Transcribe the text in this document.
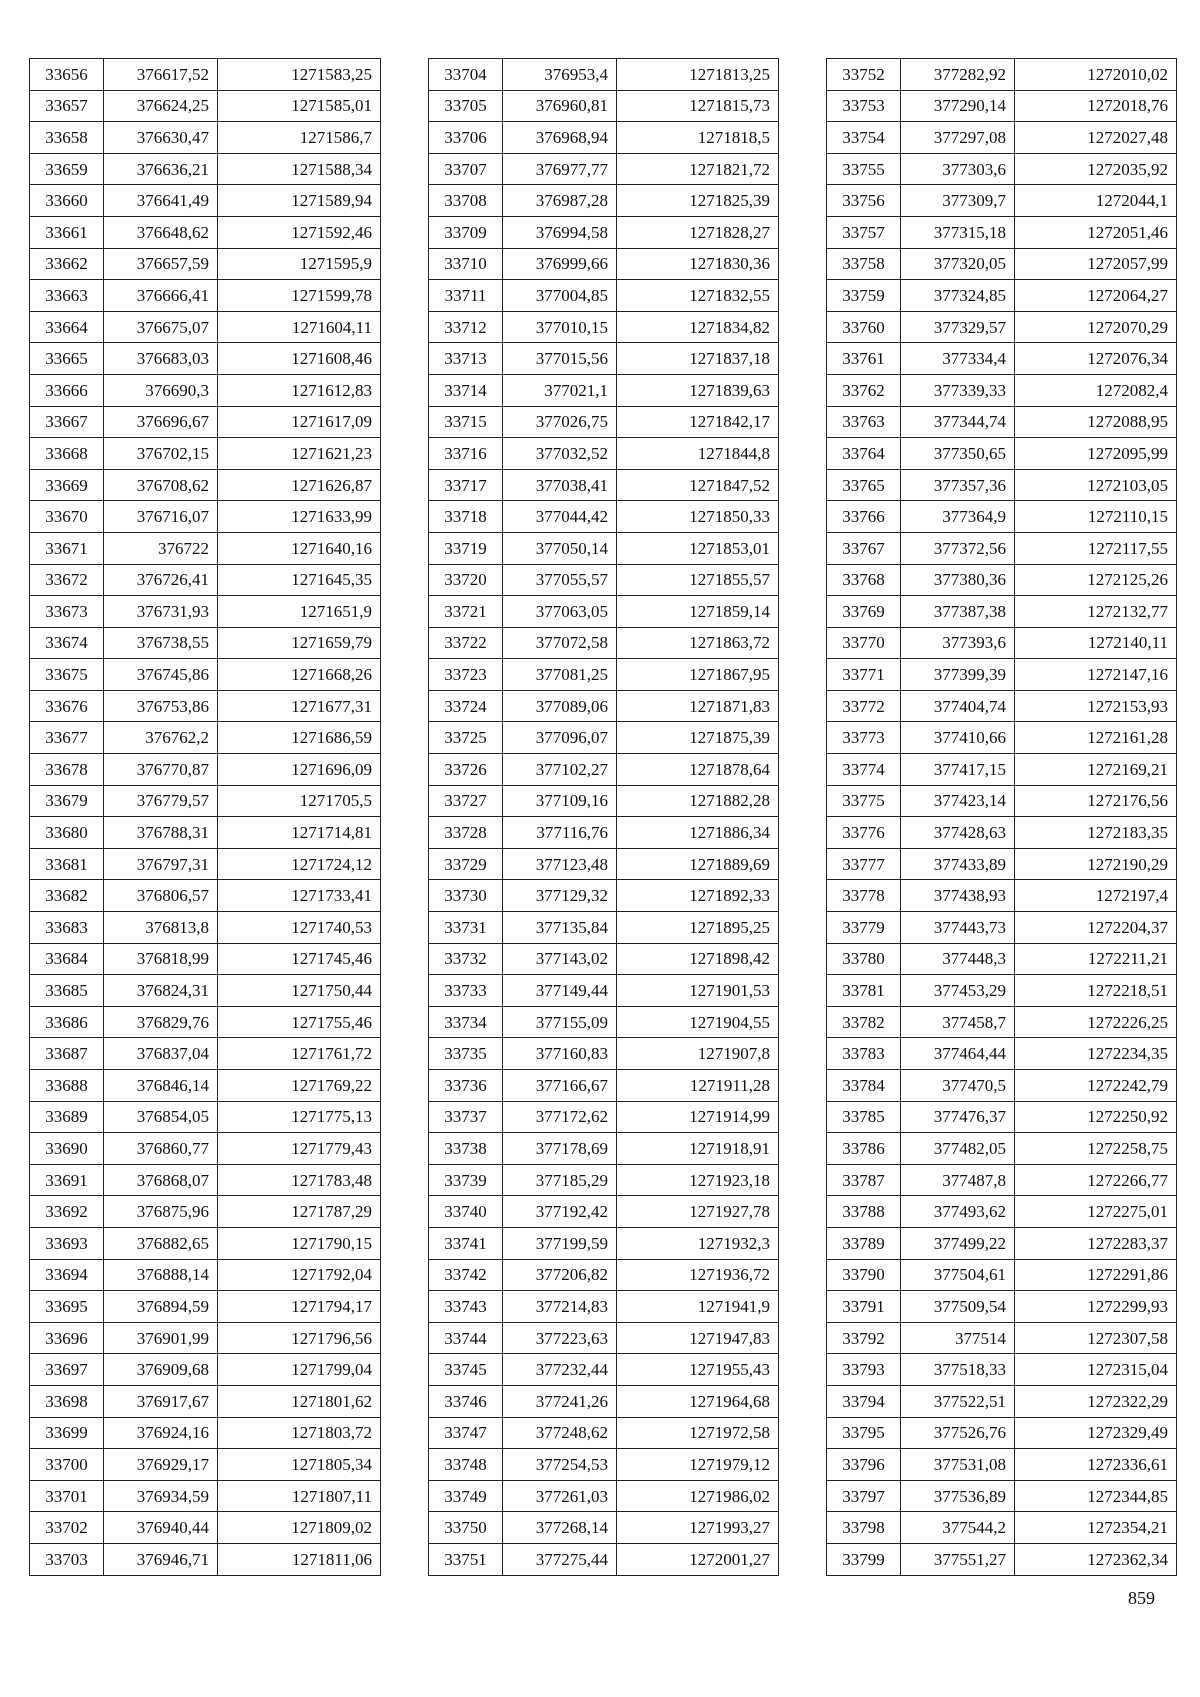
33656	376617,52	1271583,25
33657	376624,25	1271585,01
33658	376630,47	1271586,7
33659	376636,21	1271588,34
33660	376641,49	1271589,94
33661	376648,62	1271592,46
33662	376657,59	1271595,9
33663	376666,41	1271599,78
33664	376675,07	1271604,11
33665	376683,03	1271608,46
33666	376690,3	1271612,83
33667	376696,67	1271617,09
33668	376702,15	1271621,23
33669	376708,62	1271626,87
33670	376716,07	1271633,99
33671	376722	1271640,16
33672	376726,41	1271645,35
33673	376731,93	1271651,9
33674	376738,55	1271659,79
33675	376745,86	1271668,26
33676	376753,86	1271677,31
33677	376762,2	1271686,59
33678	376770,87	1271696,09
33679	376779,57	1271705,5
33680	376788,31	1271714,81
33681	376797,31	1271724,12
33682	376806,57	1271733,41
33683	376813,8	1271740,53
33684	376818,99	1271745,46
33685	376824,31	1271750,44
33686	376829,76	1271755,46
33687	376837,04	1271761,72
33688	376846,14	1271769,22
33689	376854,05	1271775,13
33690	376860,77	1271779,43
33691	376868,07	1271783,48
33692	376875,96	1271787,29
33693	376882,65	1271790,15
33694	376888,14	1271792,04
33695	376894,59	1271794,17
33696	376901,99	1271796,56
33697	376909,68	1271799,04
33698	376917,67	1271801,62
33699	376924,16	1271803,72
33700	376929,17	1271805,34
33701	376934,59	1271807,11
33702	376940,44	1271809,02
33703	376946,71	1271811,06
33704	376953,4	1271813,25
33705	376960,81	1271815,73
33706	376968,94	1271818,5
33707	376977,77	1271821,72
33708	376987,28	1271825,39
33709	376994,58	1271828,27
33710	376999,66	1271830,36
33711	377004,85	1271832,55
33712	377010,15	1271834,82
33713	377015,56	1271837,18
33714	377021,1	1271839,63
33715	377026,75	1271842,17
33716	377032,52	1271844,8
33717	377038,41	1271847,52
33718	377044,42	1271850,33
33719	377050,14	1271853,01
33720	377055,57	1271855,57
33721	377063,05	1271859,14
33722	377072,58	1271863,72
33723	377081,25	1271867,95
33724	377089,06	1271871,83
33725	377096,07	1271875,39
33726	377102,27	1271878,64
33727	377109,16	1271882,28
33728	377116,76	1271886,34
33729	377123,48	1271889,69
33730	377129,32	1271892,33
33731	377135,84	1271895,25
33732	377143,02	1271898,42
33733	377149,44	1271901,53
33734	377155,09	1271904,55
33735	377160,83	1271907,8
33736	377166,67	1271911,28
33737	377172,62	1271914,99
33738	377178,69	1271918,91
33739	377185,29	1271923,18
33740	377192,42	1271927,78
33741	377199,59	1271932,3
33742	377206,82	1271936,72
33743	377214,83	1271941,9
33744	377223,63	1271947,83
33745	377232,44	1271955,43
33746	377241,26	1271964,68
33747	377248,62	1271972,58
33748	377254,53	1271979,12
33749	377261,03	1271986,02
33750	377268,14	1271993,27
33751	377275,44	1272001,27
33752	377282,92	1272010,02
33753	377290,14	1272018,76
33754	377297,08	1272027,48
33755	377303,6	1272035,92
33756	377309,7	1272044,1
33757	377315,18	1272051,46
33758	377320,05	1272057,99
33759	377324,85	1272064,27
33760	377329,57	1272070,29
33761	377334,4	1272076,34
33762	377339,33	1272082,4
33763	377344,74	1272088,95
33764	377350,65	1272095,99
33765	377357,36	1272103,05
33766	377364,9	1272110,15
33767	377372,56	1272117,55
33768	377380,36	1272125,26
33769	377387,38	1272132,77
33770	377393,6	1272140,11
33771	377399,39	1272147,16
33772	377404,74	1272153,93
33773	377410,66	1272161,28
33774	377417,15	1272169,21
33775	377423,14	1272176,56
33776	377428,63	1272183,35
33777	377433,89	1272190,29
33778	377438,93	1272197,4
33779	377443,73	1272204,37
33780	377448,3	1272211,21
33781	377453,29	1272218,51
33782	377458,7	1272226,25
33783	377464,44	1272234,35
33784	377470,5	1272242,79
33785	377476,37	1272250,92
33786	377482,05	1272258,75
33787	377487,8	1272266,77
33788	377493,62	1272275,01
33789	377499,22	1272283,37
33790	377504,61	1272291,86
33791	377509,54	1272299,93
33792	377514	1272307,58
33793	377518,33	1272315,04
33794	377522,51	1272322,29
33795	377526,76	1272329,49
33796	377531,08	1272336,61
33797	377536,89	1272344,85
33798	377544,2	1272354,21
33799	377551,27	1272362,34
859
